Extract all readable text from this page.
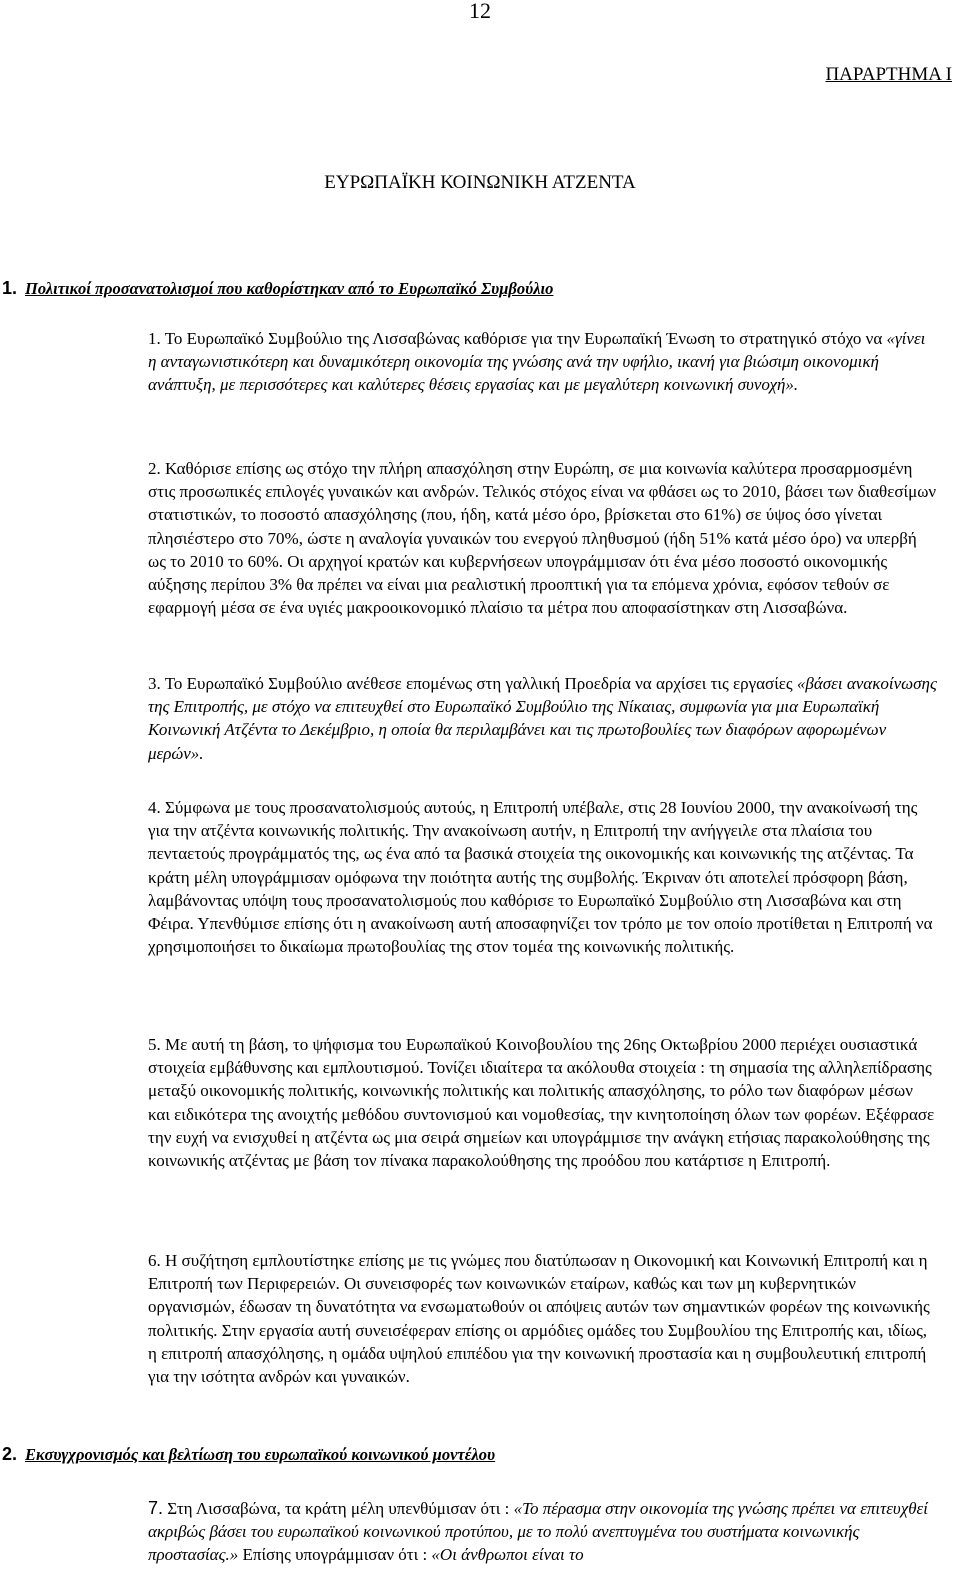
12
ΠΑΡΑΡΤΗΜΑ Ι
ΕΥΡΩΠΑΪΚΗ ΚΟΙΝΩΝΙΚΗ ΑΤΖΕΝΤΑ
1. Πολιτικοί προσανατολισμοί που καθορίστηκαν από το Ευρωπαϊκό Συμβούλιο
1. Το Ευρωπαϊκό Συμβούλιο της Λισσαβώνας καθόρισε για την Ευρωπαϊκή Ένωση το στρατηγικό στόχο να «γίνει η ανταγωνιστικότερη και δυναμικότερη οικονομία της γνώσης ανά την υφήλιο, ικανή για βιώσιμη οικονομική ανάπτυξη, με περισσότερες και καλύτερες θέσεις εργασίας και με μεγαλύτερη κοινωνική συνοχή».
2. Καθόρισε επίσης ως στόχο την πλήρη απασχόληση στην Ευρώπη, σε μια κοινωνία καλύτερα προσαρμοσμένη στις προσωπικές επιλογές γυναικών και ανδρών. Τελικός στόχος είναι να φθάσει ως το 2010, βάσει των διαθεσίμων στατιστικών, το ποσοστό απασχόλησης (που, ήδη, κατά μέσο όρο, βρίσκεται στο 61%) σε ύψος όσο γίνεται πλησιέστερο στο 70%, ώστε η αναλογία γυναικών του ενεργού πληθυσμού (ήδη 51% κατά μέσο όρο) να υπερβή ως το 2010 το 60%. Οι αρχηγοί κρατών και κυβερνήσεων υπογράμμισαν ότι ένα μέσο ποσοστό οικονομικής αύξησης περίπου 3% θα πρέπει να είναι μια ρεαλιστική προοπτική για τα επόμενα χρόνια, εφόσον τεθούν σε εφαρμογή μέσα σε ένα υγιές μακροοικονομικό πλαίσιο τα μέτρα που αποφασίστηκαν στη Λισσαβώνα.
3. Το Ευρωπαϊκό Συμβούλιο ανέθεσε επομένως στη γαλλική Προεδρία να αρχίσει τις εργασίες «βάσει ανακοίνωσης της Επιτροπής, με στόχο να επιτευχθεί στο Ευρωπαϊκό Συμβούλιο της Νίκαιας, συμφωνία για μια Ευρωπαϊκή Κοινωνική Ατζέντα το Δεκέμβριο, η οποία θα περιλαμβάνει και τις πρωτοβουλίες των διαφόρων αφορωμένων μερών».
4. Σύμφωνα με τους προσανατολισμούς αυτούς, η Επιτροπή υπέβαλε, στις 28 Ιουνίου 2000, την ανακοίνωσή της για την ατζέντα κοινωνικής πολιτικής. Την ανακοίνωση αυτήν, η Επιτροπή την ανήγγειλε στα πλαίσια του πενταετούς προγράμματός της, ως ένα από τα βασικά στοιχεία της οικονομικής και κοινωνικής της ατζέντας. Τα κράτη μέλη υπογράμμισαν ομόφωνα την ποιότητα αυτής της συμβολής. Έκριναν ότι αποτελεί πρόσφορη βάση, λαμβάνοντας υπόψη τους προσανατολισμούς που καθόρισε το Ευρωπαϊκό Συμβούλιο στη Λισσαβώνα και στη Φέιρα. Υπενθύμισε επίσης ότι η ανακοίνωση αυτή αποσαφηνίζει τον τρόπο με τον οποίο προτίθεται η Επιτροπή να χρησιμοποιήσει το δικαίωμα πρωτοβουλίας της στον τομέα της κοινωνικής πολιτικής.
5. Με αυτή τη βάση, το ψήφισμα του Ευρωπαϊκού Κοινοβουλίου της 26ης Οκτωβρίου 2000 περιέχει ουσιαστικά στοιχεία εμβάθυνσης και εμπλουτισμού. Τονίζει ιδιαίτερα τα ακόλουθα στοιχεία : τη σημασία της αλληλεπίδρασης μεταξύ οικονομικής πολιτικής, κοινωνικής πολιτικής και πολιτικής απασχόλησης, το ρόλο των διαφόρων μέσων και ειδικότερα της ανοιχτής μεθόδου συντονισμού και νομοθεσίας, την κινητοποίηση όλων των φορέων. Εξέφρασε την ευχή να ενισχυθεί η ατζέντα ως μια σειρά σημείων και υπογράμμισε την ανάγκη ετήσιας παρακολούθησης της κοινωνικής ατζέντας με βάση τον πίνακα παρακολούθησης της προόδου που κατάρτισε η Επιτροπή.
6. Η συζήτηση εμπλουτίστηκε επίσης με τις γνώμες που διατύπωσαν η Οικονομική και Κοινωνική Επιτροπή και η Επιτροπή των Περιφερειών. Οι συνεισφορές των κοινωνικών εταίρων, καθώς και των μη κυβερνητικών οργανισμών, έδωσαν τη δυνατότητα να ενσωματωθούν οι απόψεις αυτών των σημαντικών φορέων της κοινωνικής πολιτικής. Στην εργασία αυτή συνεισέφεραν επίσης οι αρμόδιες ομάδες του Συμβουλίου της Επιτροπής και, ιδίως, η επιτροπή απασχόλησης, η ομάδα υψηλού επιπέδου για την κοινωνική προστασία και η συμβουλευτική επιτροπή για την ισότητα ανδρών και γυναικών.
2. Εκσυγχρονισμός και βελτίωση του ευρωπαϊκού κοινωνικού μοντέλου
7. Στη Λισσαβώνα, τα κράτη μέλη υπενθύμισαν ότι : «Το πέρασμα στην οικονομία της γνώσης πρέπει να επιτευχθεί ακριβώς βάσει του ευρωπαϊκού κοινωνικού προτύπου, με το πολύ ανεπτυγμένα του συστήματα κοινωνικής προστασίας.» Επίσης υπογράμμισαν ότι : «Οι άνθρωποι είναι το
